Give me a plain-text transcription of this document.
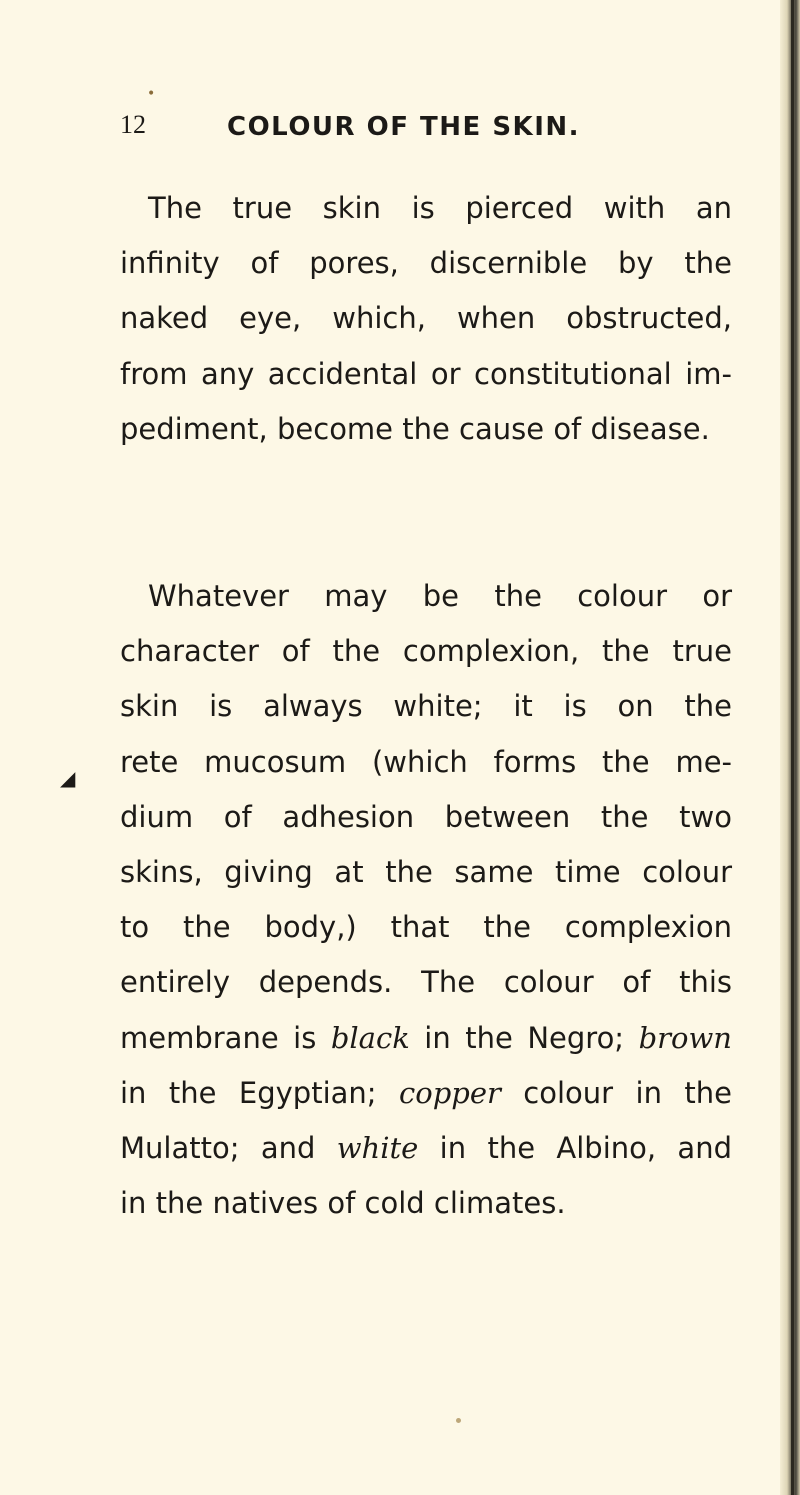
•
12	COLOUR OF THE SKIN.
The true skin is pierced with an
infinity of pores, discernible by the
naked eye, which, when obstructed,
from any accidental or constitutional im-
pediment, become the cause of disease.
◢
Whatever may be the colour or
character of the complexion, the true
skin is always white; it is on the
rete mucosum (which forms the me-
dium of adhesion between the two
skins, giving at the same time colour
to the body,) that the complexion
entirely depends. The colour of this
membrane is black in the Negro; brown
in the Egyptian; copper colour in the
Mulatto; and white in the Albino, and
in the natives of cold climates.
